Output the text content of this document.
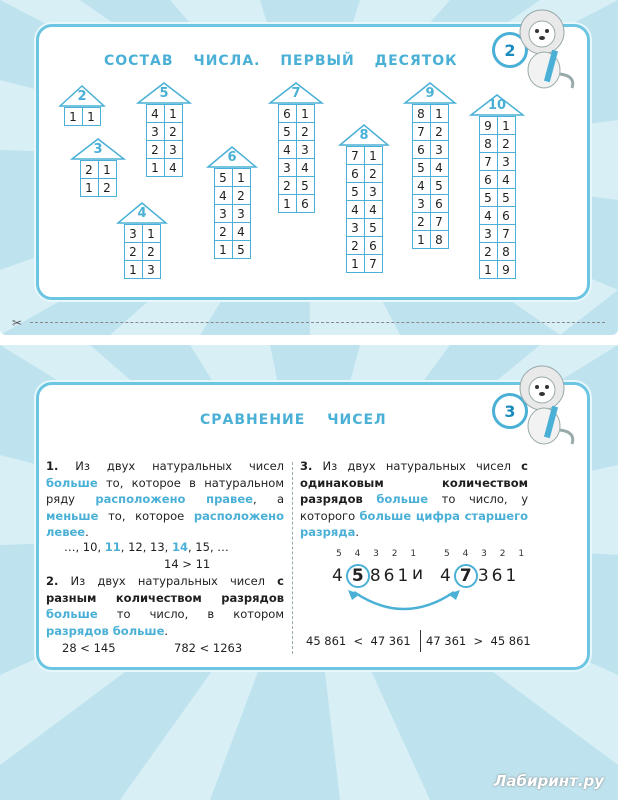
✂
СОСТАВ ЧИСЛА. ПЕРВЫЙ ДЕСЯТОК
2
2
1	1
3
2	1
1	2
4
3	1
2	2
1	3
5
4	1
3	2
2	3
1	4
6
5	1
4	2
3	3
2	4
1	5
7
6	1
5	2
4	3
3	4
2	5
1	6
8
7	1
6	2
5	3
4	4
3	5
2	6
1	7
9
8	1
7	2
6	3
5	4
4	5
3	6
2	7
1	8
10
9	1
8	2
7	3
6	4
5	5
4	6
3	7
2	8
1	9
СРАВНЕНИЕ ЧИСЕЛ	3
1. Из двух натуральных чисел больше то, которое в натуральном ряду расположено правее, а меньше то, которое расположено левее.
…, 10, 11, 12, 13, 14, 15, …
14 > 11
2. Из двух натуральных чисел с разным количеством разрядов больше то число, в котором разрядов больше.
28 < 145	782 < 1263
3. Из двух натуральных чисел с одинаковым количеством разрядов больше то число, у которого больше цифра старшего разряда.
5 4 3 2 1	5 4 3 2 1
4 5 861 и 4 7 361
45 861  <  47 361 47 361  >  45 861
Лабиринт.ру
